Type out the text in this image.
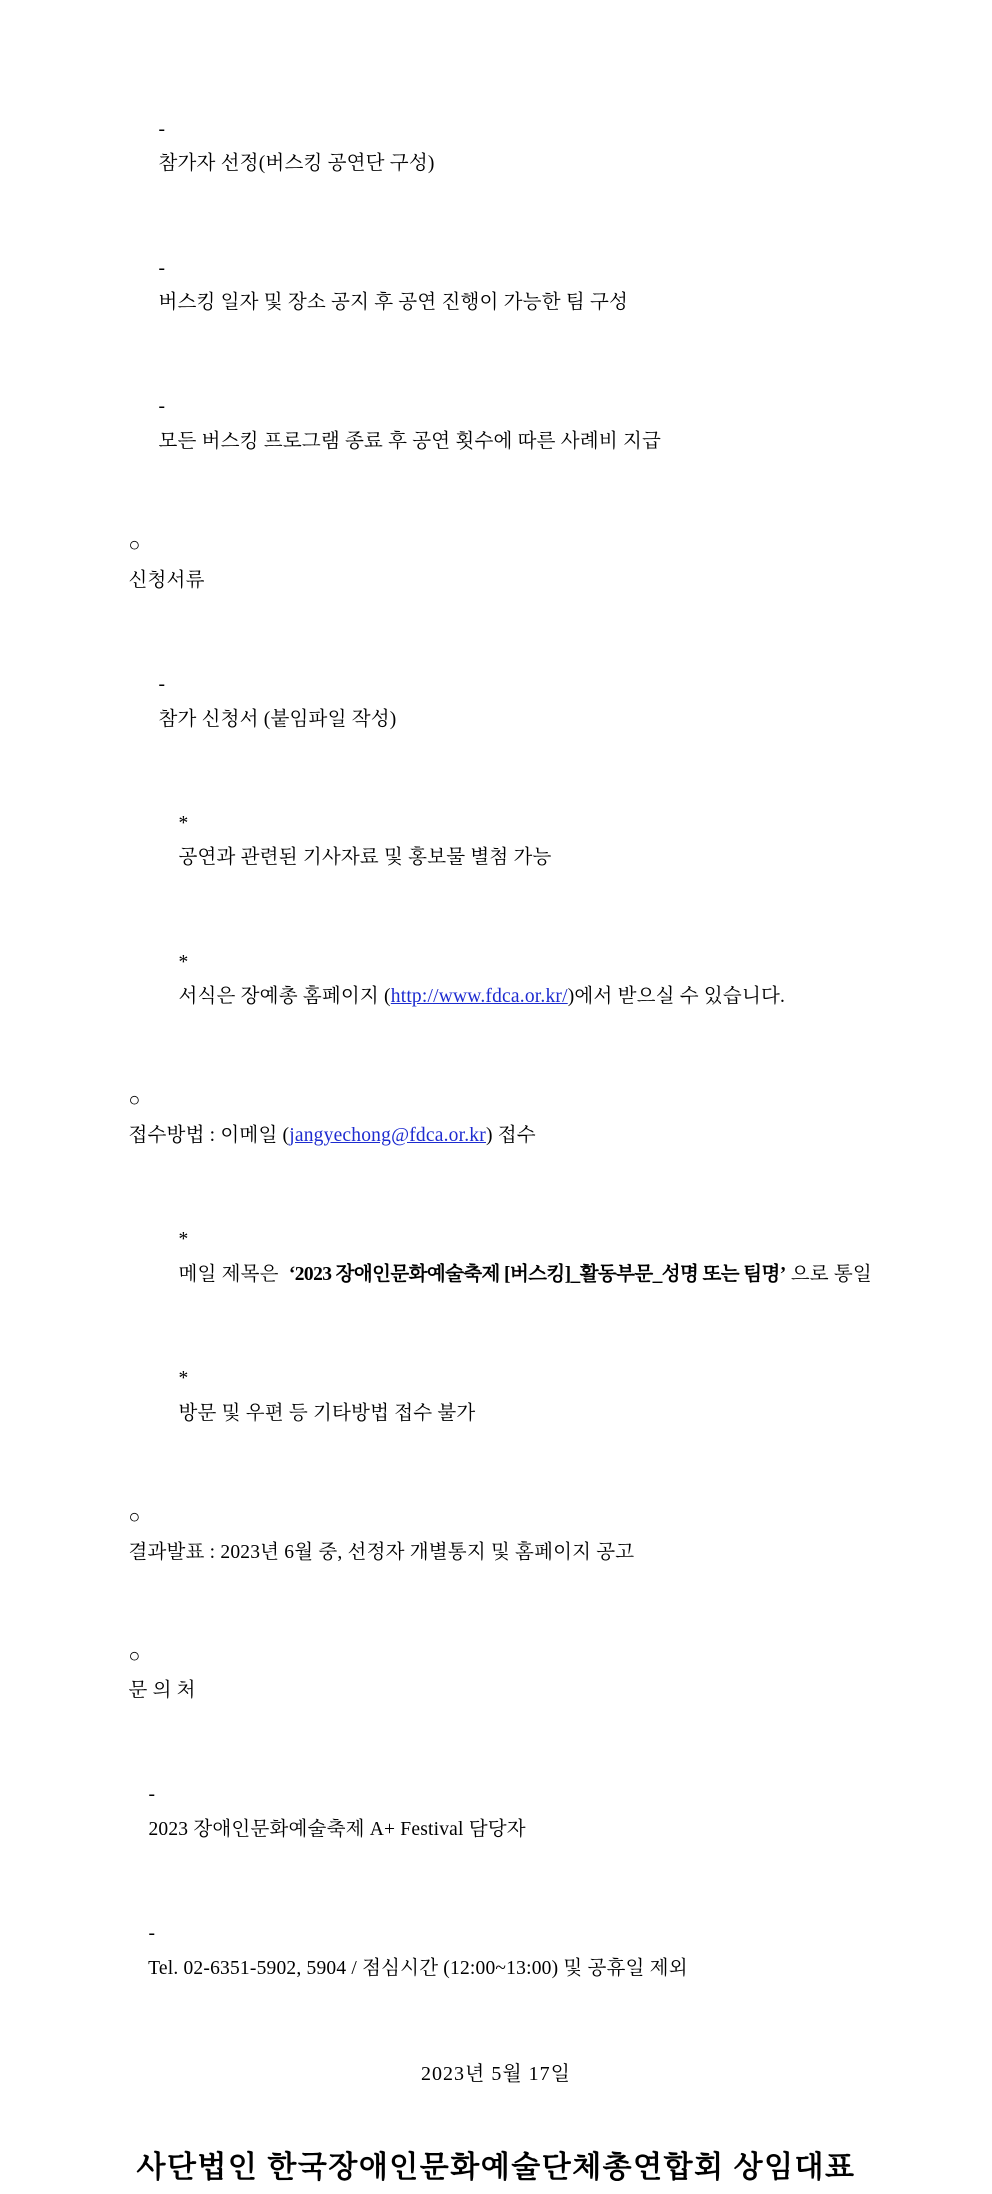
-
참가자 선정(버스킹 공연단 구성)

-
버스킹 일자 및 장소 공지 후 공연 진행이 가능한 팀 구성

-
모든 버스킹 프로그램 종료 후 공연 횟수에 따른 사례비 지급

○
신청서류

-
참가 신청서 (붙임파일 작성)

*
공연과 관련된 기사자료 및 홍보물 별첨 가능

*
서식은 장예총 홈페이지 (http://www.fdca.or.kr/)에서 받으실 수 있습니다.

○
접수방법 : 이메일 (jangyechong@fdca.or.kr) 접수

*
메일 제목은  ‘2023 장애인문화예술축제 [버스킹]_활동부문_성명 또는 팀명’ 으로 통일

*
방문 및 우편 등 기타방법 접수 불가

○
결과발표 : 2023년 6월 중, 선정자 개별통지 및 홈페이지 공고

○
문 의 처

-
2023 장애인문화예술축제 A+ Festival 담당자

-
Tel. 02-6351-5902, 5904 / 점심시간 (12:00~13:00) 및 공휴일 제외

2023년 5월 17일
사단법인 한국장애인문화예술단체총연합회 상임대표
